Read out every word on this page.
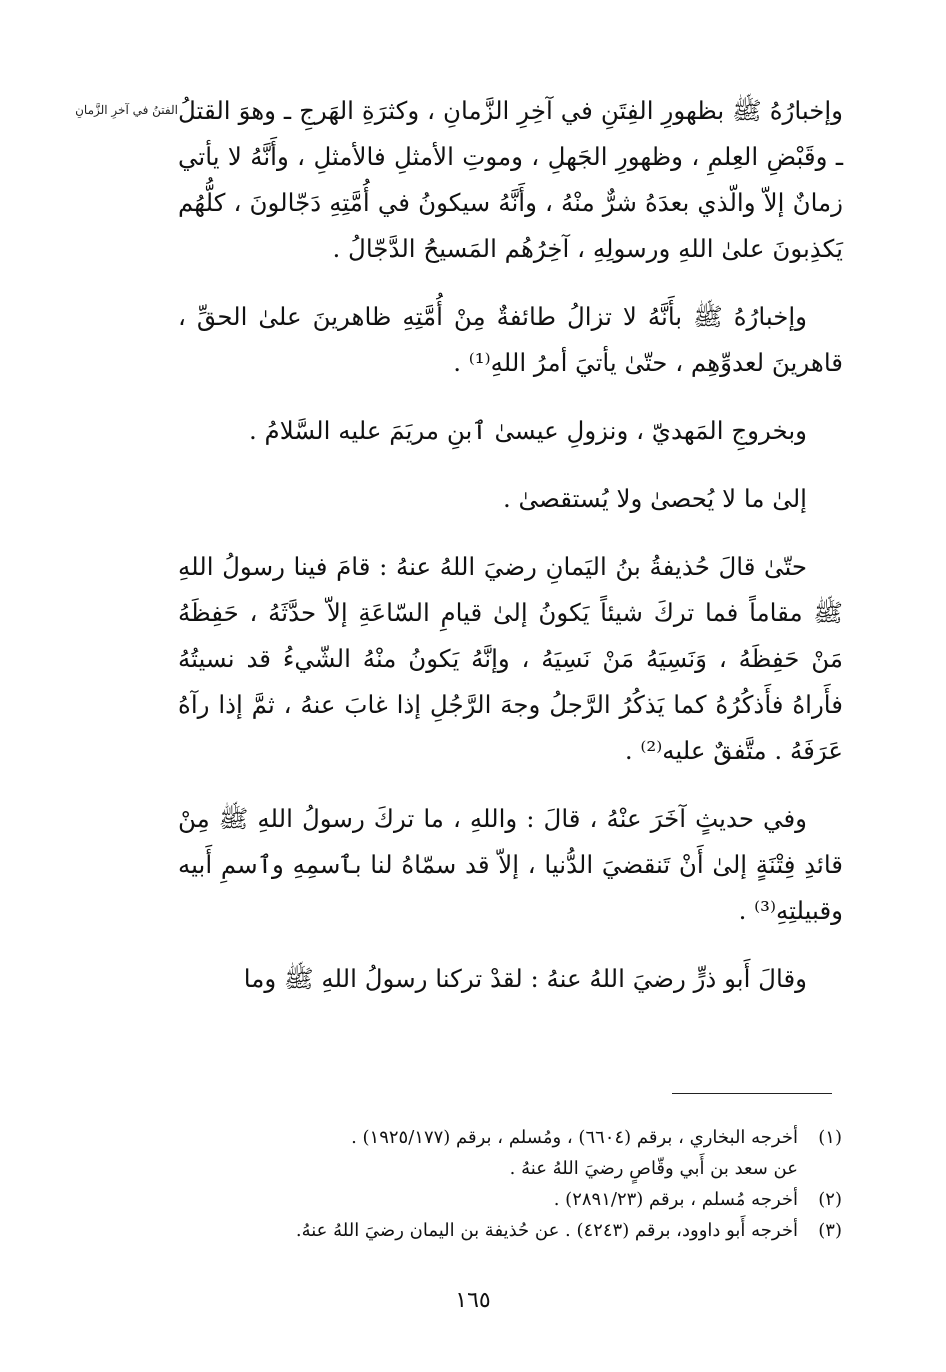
الفتنُ في آخرِ الزَّمانِ وإخبارُهُ ﷺ بظهورِ الفِتَنِ في آخِرِ الزَّمانِ ، وكثرَةِ الهَرجِ ـ وهوَ القتلُ ـ وقَبْضِ العِلمِ ، وظهورِ الجَهلِ ، وموتِ الأمثلِ فالأمثلِ ، وأَنَّهُ لا يأتي زمانٌ إلاّ والّذي بعدَهُ شرٌّ منْهُ ، وأَنَّهُ سيكونُ في أُمَّتِهِ دَجّالونَ ، كلُّهُم يَكذِبونَ علىٰ اللهِ ورسولِهِ ، آخِرُهُم المَسيحُ الدَّجّالُ .

وإخبارُهُ ﷺ بأَنَّهُ لا تزالُ طائفةٌ مِنْ أُمَّتِهِ ظاهرينَ علىٰ الحقِّ ، قاهرينَ لعدوِّهِم ، حتّىٰ يأتيَ أمرُ اللهِ⁽¹⁾ .

وبخروجِ المَهديّ ، ونزولِ عيسىٰ ٱبنِ مريَمَ عليه السَّلامُ .

إلىٰ ما لا يُحصىٰ ولا يُستقصىٰ .

حتّىٰ قالَ حُذيفةُ بنُ اليَمانِ رضيَ اللهُ عنهُ : قامَ فينا رسولُ اللهِ ﷺ مقاماً فما تركَ شيئاً يَكونُ إلىٰ قيامِ السّاعَةِ إلاّ حدَّثَهُ ، حَفِظَهُ مَنْ حَفِظَهُ ، وَنَسِيَهُ مَنْ نَسِيَهُ ، وإنَّهُ يَكونُ منْهُ الشّيءُ قد نسيتُهُ فأَراهُ فأَذكُرُهُ كما يَذكُرُ الرَّجلُ وجهَ الرَّجُلِ إذا غابَ عنهُ ، ثمَّ إذا رآهُ عَرَفَهُ . متَّفقٌ عليه⁽²⁾ .

وفي حديثٍ آخَرَ عنْهُ ، قالَ : واللهِ ، ما تركَ رسولُ اللهِ ﷺ مِنْ قائدِ فِتْنَةٍ إلىٰ أَنْ تَنقضيَ الدُّنيا ، إلاّ قد سمّاهُ لنا بٱسمِهِ وٱسمِ أَبيه وقبيلتِهِ⁽³⁾ .

وقالَ أَبو ذرٍّ رضيَ اللهُ عنهُ : لقدْ تركنا رسولُ اللهِ ﷺ وما

(١)
أخرجه البخاري ، برقم (٦٦٠٤) ، ومُسلم ، برقم (١٩٢٥/١٧٧) .
عن سعد بن أَبي وقّاصٍ رضيَ اللهُ عنهُ .
(٢)
أخرجه مُسلم ، برقم (٢٨٩١/٢٣) .
(٣)
أخرجه أَبو داوود، برقم (٤٢٤٣) . عن حُذيفة بن اليمان رضيَ اللهُ عنهُ.
١٦٥
